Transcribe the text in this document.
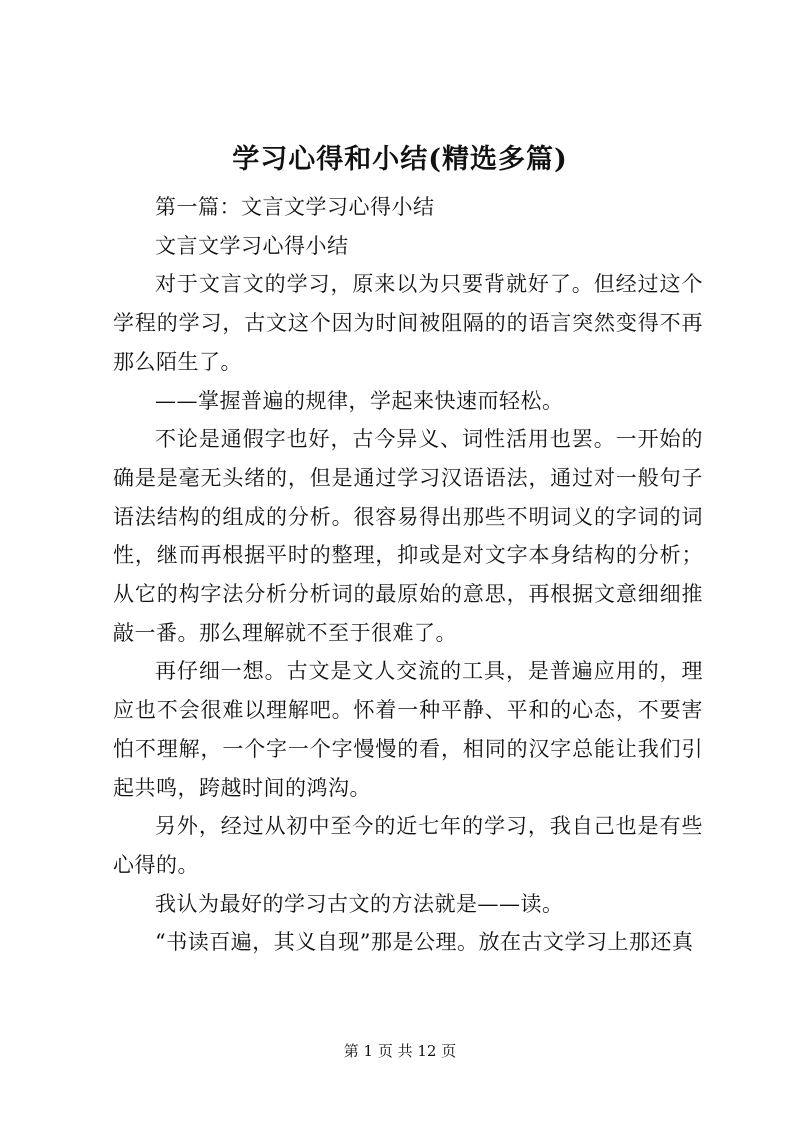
学习心得和小结(精选多篇)

第一篇：文言文学习心得小结

文言文学习心得小结

对于文言文的学习，原来以为只要背就好了。但经过这个学程的学习，古文这个因为时间被阻隔的的语言突然变得不再那么陌生了。

——掌握普遍的规律，学起来快速而轻松。

不论是通假字也好，古今异义、词性活用也罢。一开始的确是是毫无头绪的，但是通过学习汉语语法，通过对一般句子语法结构的组成的分析。很容易得出那些不明词义的字词的词性，继而再根据平时的整理，抑或是对文字本身结构的分析；从它的构字法分析分析词的最原始的意思，再根据文意细细推敲一番。那么理解就不至于很难了。

再仔细一想。古文是文人交流的工具，是普遍应用的，理应也不会很难以理解吧。怀着一种平静、平和的心态，不要害怕不理解，一个字一个字慢慢的看，相同的汉字总能让我们引起共鸣，跨越时间的鸿沟。

另外，经过从初中至今的近七年的学习，我自己也是有些心得的。

我认为最好的学习古文的方法就是——读。

“书读百遍，其义自现”那是公理。放在古文学习上那还真

第 1 页 共 12 页
